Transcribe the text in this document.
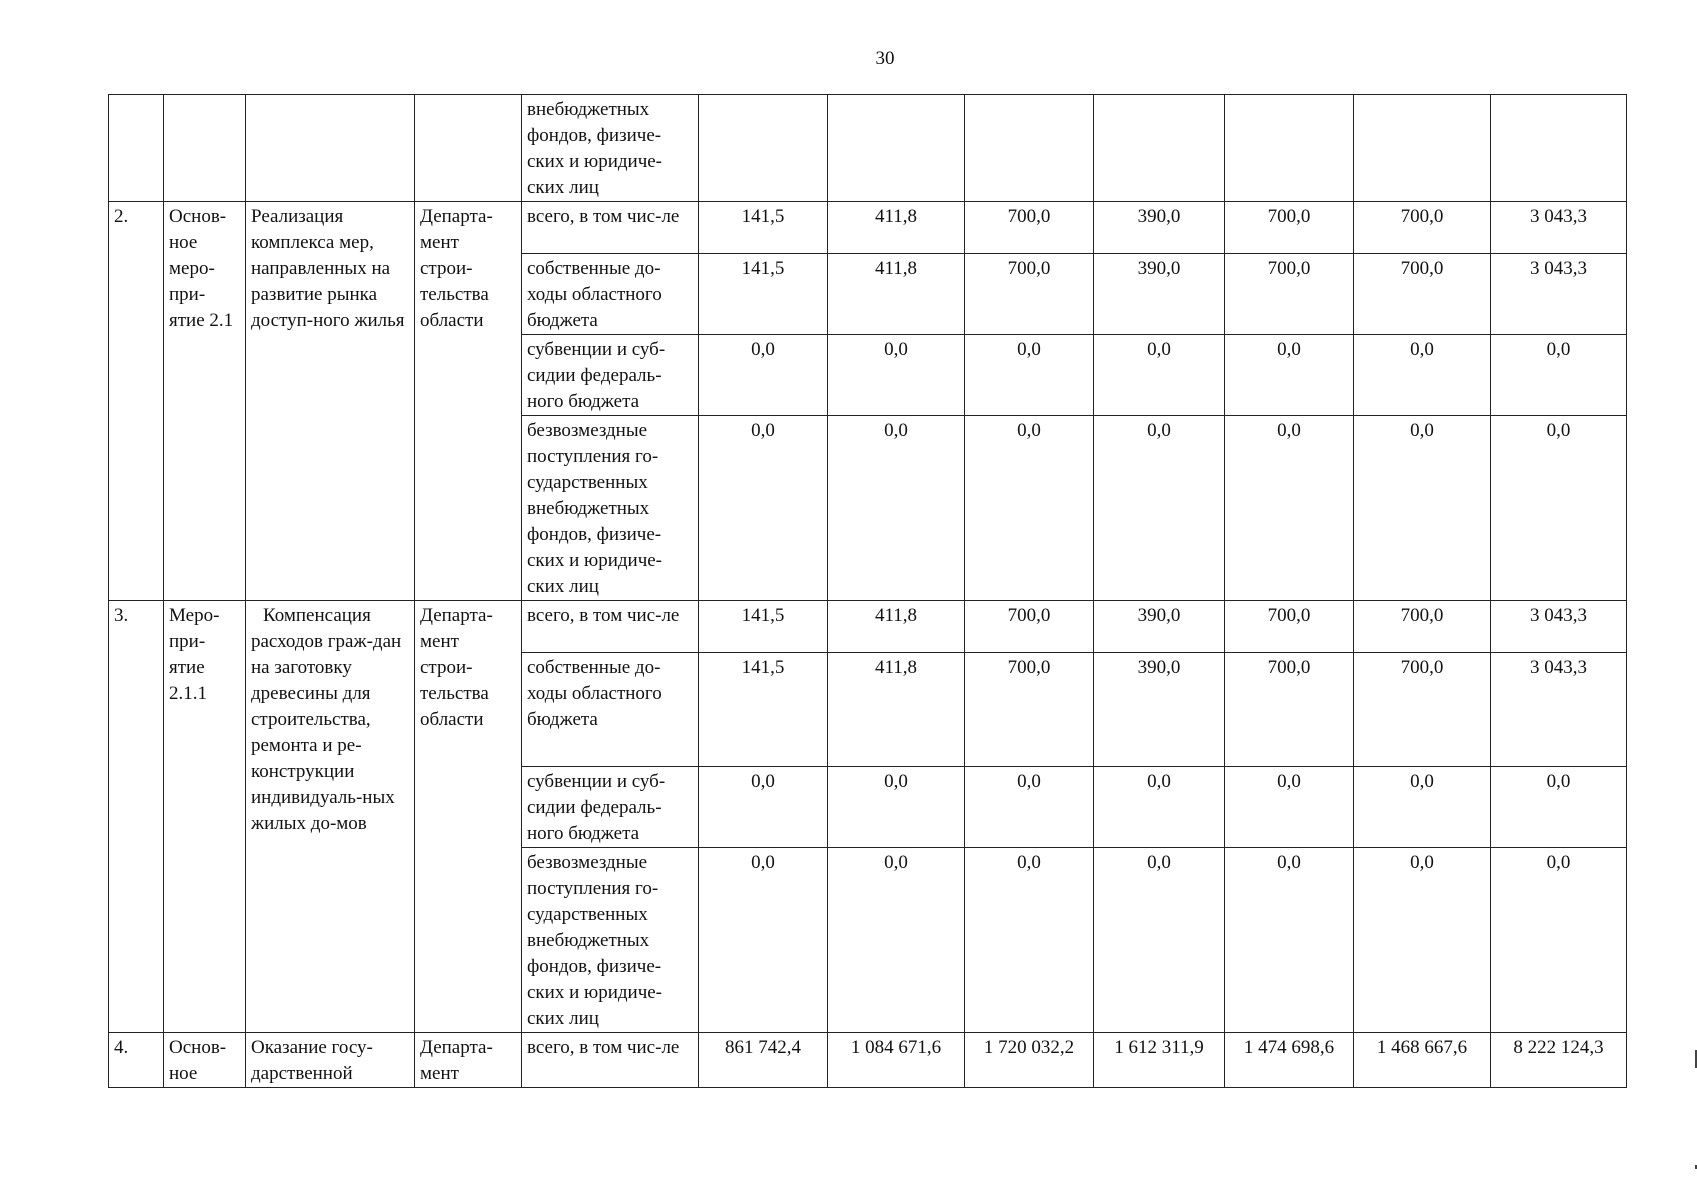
30
				внебюджетных фондов, физиче-ских и юридиче-ских лиц							
2.	Основ-ное меро-при-ятие 2.1	Реализация комплекса мер, направленных на развитие рынка доступ-ного жилья	Департа-мент строи-тельства области	всего, в том чис-ле	141,5	411,8	700,0	390,0	700,0	700,0	3 043,3
				собственные до-ходы областного бюджета	141,5	411,8	700,0	390,0	700,0	700,0	3 043,3
				субвенции и суб-сидии федераль-ного бюджета	0,0	0,0	0,0	0,0	0,0	0,0	0,0
				безвозмездные поступления го-сударственных внебюджетных фондов, физиче-ских и юридиче-ских лиц	0,0	0,0	0,0	0,0	0,0	0,0	0,0
3.	Меро-при-ятие 2.1.1	Компенсация расходов граж-дан на заготовку древесины для строительства, ремонта и ре-конструкции индивидуаль-ных жилых до-мов	Департа-мент строи-тельства области	всего, в том чис-ле	141,5	411,8	700,0	390,0	700,0	700,0	3 043,3
				собственные до-ходы областного бюджета	141,5	411,8	700,0	390,0	700,0	700,0	3 043,3
				субвенции и суб-сидии федераль-ного бюджета	0,0	0,0	0,0	0,0	0,0	0,0	0,0
				безвозмездные поступления го-сударственных внебюджетных фондов, физиче-ских и юридиче-ских лиц	0,0	0,0	0,0	0,0	0,0	0,0	0,0
4.	Основ-ное	Оказание госу-дарственной	Департа-мент	всего, в том чис-ле	861 742,4	1 084 671,6	1 720 032,2	1 612 311,9	1 474 698,6	1 468 667,6	8 222 124,3
